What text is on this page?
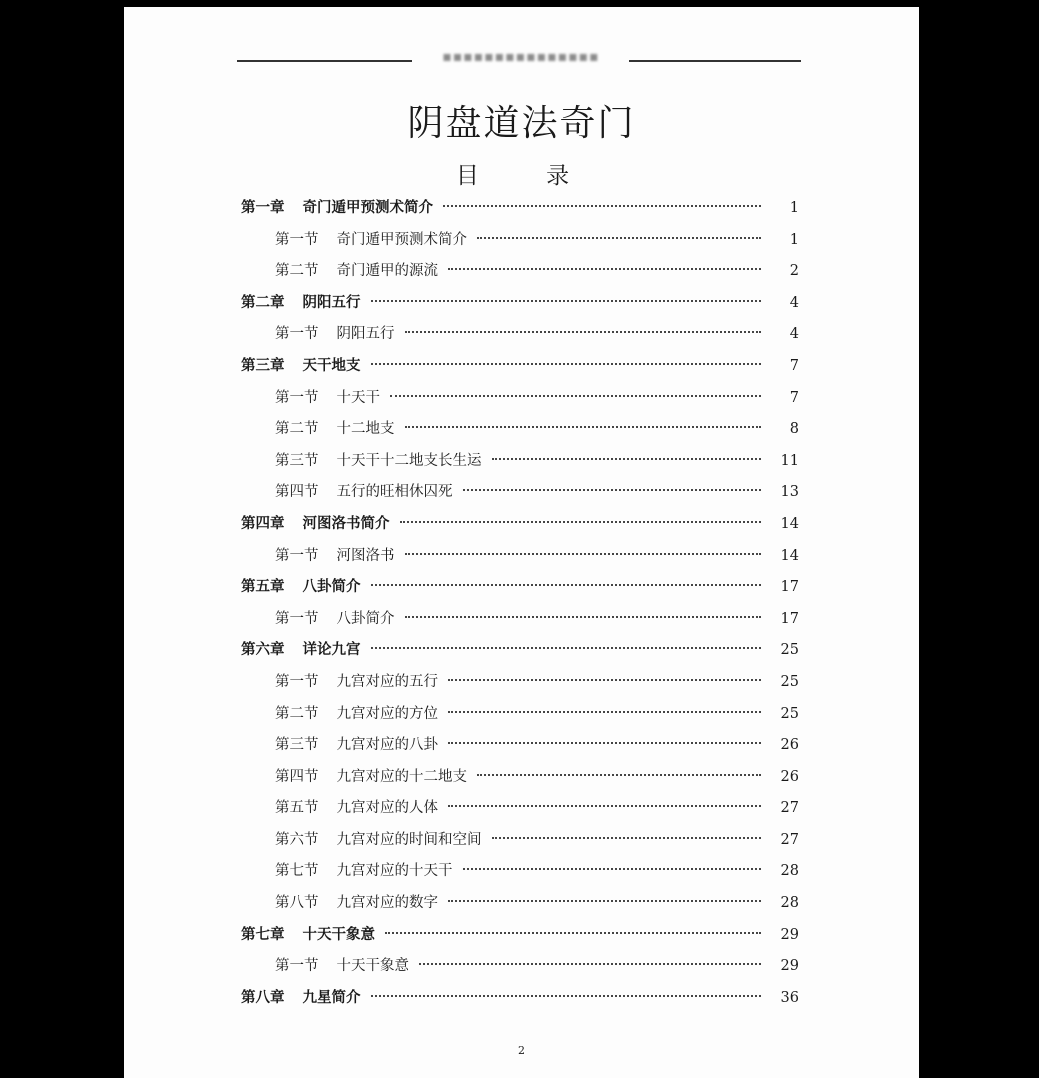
▪▪▪▪▪▪▪▪▪▪▪▪▪▪▪
阴盘道法奇门
目 录
第一章 奇门遁甲预测术简介	1
第一节 奇门遁甲预测术简介	1
第二节 奇门遁甲的源流	2
第二章 阴阳五行	4
第一节 阴阳五行	4
第三章 天干地支	7
第一节 十天干	7
第二节 十二地支	8
第三节 十天干十二地支长生运	11
第四节 五行的旺相休囚死	13
第四章 河图洛书简介	14
第一节 河图洛书	14
第五章 八卦简介	17
第一节 八卦简介	17
第六章 详论九宫	25
第一节 九宫对应的五行	25
第二节 九宫对应的方位	25
第三节 九宫对应的八卦	26
第四节 九宫对应的十二地支	26
第五节 九宫对应的人体	27
第六节 九宫对应的时间和空间	27
第七节 九宫对应的十天干	28
第八节 九宫对应的数字	28
第七章 十天干象意	29
第一节 十天干象意	29
第八章 九星简介	36
2
